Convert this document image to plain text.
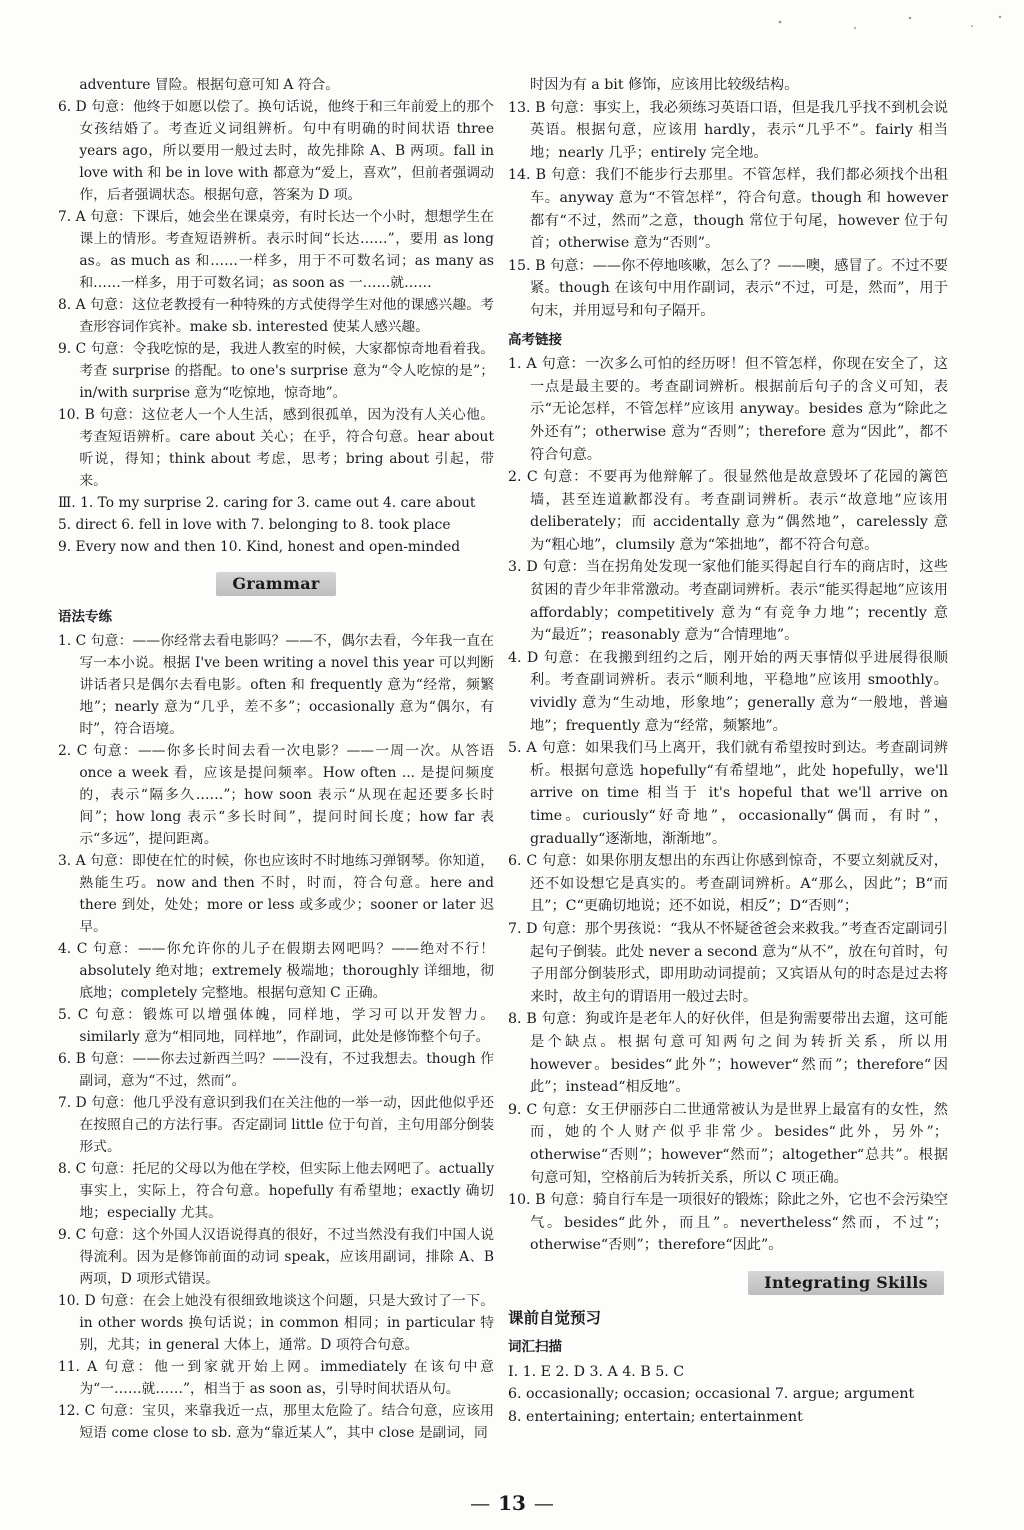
adventure 冒险。根据句意可知 A 符合。

6. D 句意：他终于如愿以偿了。换句话说，他终于和三年前爱上的那个女孩结婚了。考查近义词组辨析。句中有明确的时间状语 three years ago，所以要用一般过去时，故先排除 A、B 两项。fall in love with 和 be in love with 都意为“爱上，喜欢”，但前者强调动作，后者强调状态。根据句意，答案为 D 项。

7. A 句意：下课后，她会坐在课桌旁，有时长达一个小时，想想学生在课上的情形。考查短语辨析。表示时间“长达……”，要用 as long as。as much as 和……一样多，用于不可数名词；as many as 和……一样多，用于可数名词；as soon as 一……就……

8. A 句意：这位老教授有一种特殊的方式使得学生对他的课感兴趣。考查形容词作宾补。make sb. interested 使某人感兴趣。

9. C 句意：令我吃惊的是，我进人教室的时候，大家都惊奇地看着我。考查 surprise 的搭配。to one's surprise 意为“令人吃惊的是”；in/with surprise 意为“吃惊地，惊奇地”。

10. B 句意：这位老人一个人生活，感到很孤单，因为没有人关心他。考查短语辨析。care about 关心；在乎，符合句意。hear about 听说，得知；think about 考虑，思考；bring about 引起，带来。

Ⅲ. 1. To my surprise 2. caring for 3. came out 4. care about

5. direct 6. fell in love with 7. belonging to 8. took place

9. Every now and then 10. Kind, honest and open-minded

Grammar

语法专练

1. C 句意：——你经常去看电影吗？——不，偶尔去看，今年我一直在写一本小说。根据 I've been writing a novel this year 可以判断讲话者只是偶尔去看电影。often 和 frequently 意为“经常，频繁地”；nearly 意为“几乎，差不多”；occasionally 意为“偶尔，有时”，符合语境。

2. C 句意：——你多长时间去看一次电影？——一周一次。从答语 once a week 看，应该是提问频率。How often ... 是提问频度的，表示“隔多久……”；how soon 表示“从现在起还要多长时间”；how long 表示“多长时间”，提问时间长度；how far 表示“多远”，提问距离。

3. A 句意：即使在忙的时候，你也应该时不时地练习弹钢琴。你知道，熟能生巧。now and then 不时，时而，符合句意。here and there 到处，处处；more or less 或多或少；sooner or later 迟早。

4. C 句意：——你允许你的儿子在假期去网吧吗？——绝对不行！absolutely 绝对地；extremely 极端地；thoroughly 详细地，彻底地；completely 完整地。根据句意知 C 正确。

5. C 句意：锻炼可以增强体魄，同样地，学习可以开发智力。similarly 意为“相同地，同样地”，作副词，此处是修饰整个句子。

6. B 句意：——你去过新西兰吗？——没有，不过我想去。though 作副词，意为“不过，然而”。

7. D 句意：他几乎没有意识到我们在关注他的一举一动，因此他似乎还在按照自己的方法行事。否定副词 little 位于句首，主句用部分倒装形式。

8. C 句意：托尼的父母以为他在学校，但实际上他去网吧了。actually 事实上，实际上，符合句意。hopefully 有希望地；exactly 确切地；especially 尤其。

9. C 句意：这个外国人汉语说得真的很好，不过当然没有我们中国人说得流利。因为是修饰前面的动词 speak，应该用副词，排除 A、B 两项，D 项形式错误。

10. D 句意：在会上她没有很细致地谈这个问题，只是大致讨了一下。in other words 换句话说；in common 相同；in particular 特别，尤其；in general 大体上，通常。D 项符合句意。

11. A 句意：他一到家就开始上网。immediately 在该句中意为“一……就……”，相当于 as soon as，引导时间状语从句。

12. C 句意：宝贝，来靠我近一点，那里太危险了。结合句意，应该用短语 come close to sb. 意为“靠近某人”，其中 close 是副词，同

时因为有 a bit 修饰，应该用比较级结构。

13. B 句意：事实上，我必须练习英语口语，但是我几乎找不到机会说英语。根据句意，应该用 hardly，表示“几乎不”。fairly 相当地；nearly 几乎；entirely 完全地。

14. B 句意：我们不能步行去那里。不管怎样，我们都必须找个出租车。anyway 意为“不管怎样”，符合句意。though 和 however 都有“不过，然而”之意，though 常位于句尾，however 位于句首；otherwise 意为“否则”。

15. B 句意：——你不停地咳嗽，怎么了？——噢，感冒了。不过不要紧。though 在该句中用作副词，表示“不过，可是，然而”，用于句末，并用逗号和句子隔开。

高考链接

1. A 句意：一次多么可怕的经历呀！但不管怎样，你现在安全了，这一点是最主要的。考查副词辨析。根据前后句子的含义可知，表示“无论怎样，不管怎样”应该用 anyway。besides 意为“除此之外还有”；otherwise 意为“否则”；therefore 意为“因此”，都不符合句意。

2. C 句意：不要再为他辩解了。很显然他是故意毁坏了花园的篱笆墙，甚至连道歉都没有。考查副词辨析。表示“故意地”应该用 deliberately；而 accidentally 意为“偶然地”，carelessly 意为“粗心地”，clumsily 意为“笨拙地”，都不符合句意。

3. D 句意：当在拐角处发现一家他们能买得起自行车的商店时，这些贫困的青少年非常激动。考查副词辨析。表示“能买得起地”应该用 affordably；competitively 意为“有竞争力地”；recently 意为“最近”；reasonably 意为“合情理地”。

4. D 句意：在我搬到纽约之后，刚开始的两天事情似乎进展得很顺利。考查副词辨析。表示“顺利地，平稳地”应该用 smoothly。vividly 意为“生动地，形象地”；generally 意为“一般地，普遍地”；frequently 意为“经常，频繁地”。

5. A 句意：如果我们马上离开，我们就有希望按时到达。考查副词辨析。根据句意选 hopefully“有希望地”，此处 hopefully，we'll arrive on time 相当于 it's hopeful that we'll arrive on time。curiously“好奇地”，occasionally“偶而，有时”，gradually“逐渐地，渐渐地”。

6. C 句意：如果你朋友想出的东西让你感到惊奇，不要立刻就反对，还不如设想它是真实的。考查副词辨析。A“那么，因此”；B“而且”；C“更确切地说；还不如说，相反”；D“否则”；

7. D 句意：那个男孩说：“我从不怀疑爸爸会来救我。”考查否定副词引起句子倒装。此处 never a second 意为“从不”，放在句首时，句子用部分倒装形式，即用助动词提前；又宾语从句的时态是过去将来时，故主句的谓语用一般过去时。

8. B 句意：狗或许是老年人的好伙伴，但是狗需要带出去遛，这可能是个缺点。根据句意可知两句之间为转折关系，所以用 however。besides“此外”；however“然而”；therefore“因此”；instead“相反地”。

9. C 句意：女王伊丽莎白二世通常被认为是世界上最富有的女性，然而，她的个人财产似乎非常少。besides“此外，另外”；otherwise“否则”；however“然而”；altogether“总共”。根据句意可知，空格前后为转折关系，所以 C 项正确。

10. B 句意：骑自行车是一项很好的锻炼；除此之外，它也不会污染空气。besides“此外，而且”。nevertheless“然而，不过”；otherwise“否则”；therefore“因此”。

Integrating Skills

课前自觉预习

词汇扫描

Ⅰ. 1. E 2. D 3. A 4. B 5. C

6. occasionally; occasion; occasional 7. argue; argument

8. entertaining; entertain; entertainment

— 13 —
